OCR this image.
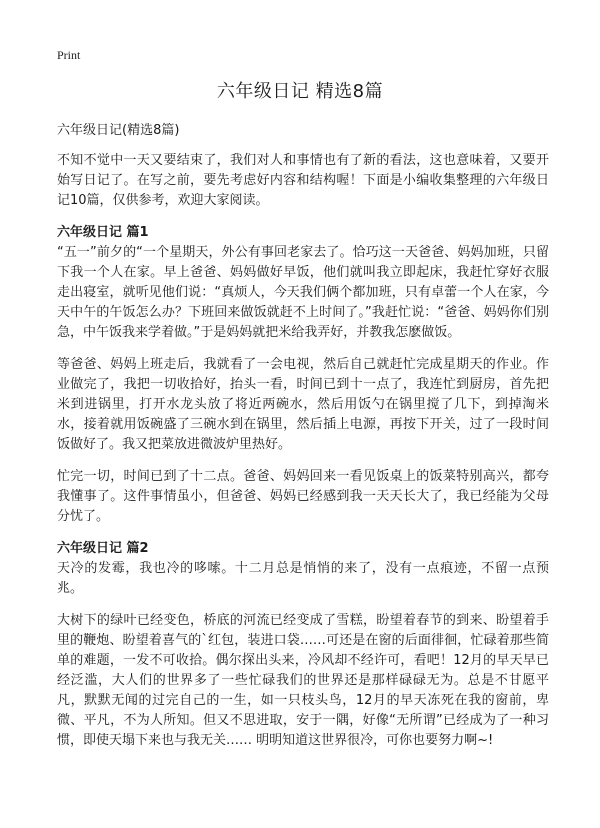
Print
六年级日记 精选8篇

六年级日记(精选8篇)

不知不觉中一天又要结束了，我们对人和事情也有了新的看法，这也意味着，又要开始写日记了。在写之前，要先考虑好内容和结构喔！下面是小编收集整理的六年级日记10篇，仅供参考，欢迎大家阅读。

六年级日记 篇1

“五一”前夕的“一个星期天，外公有事回老家去了。恰巧这一天爸爸、妈妈加班，只留下我一个人在家。早上爸爸、妈妈做好早饭，他们就叫我立即起床，我赶忙穿好衣服走出寝室，就听见他们说：“真烦人，今天我们俩个都加班，只有卓蕾一个人在家，今天中午的午饭怎么办？下班回来做饭就赶不上时间了。”我赶忙说：“爸爸、妈妈你们别急，中午饭我来学着做。”于是妈妈就把米给我弄好，并教我怎麽做饭。

等爸爸、妈妈上班走后，我就看了一会电视，然后自己就赶忙完成星期天的作业。作业做完了，我把一切收拾好，抬头一看，时间已到十一点了，我连忙到厨房，首先把米到进锅里，打开水龙头放了将近两碗水，然后用饭勺在锅里搅了几下，到掉淘米水，接着就用饭碗盛了三碗水到在锅里，然后插上电源，再按下开关，过了一段时间饭做好了。我又把菜放进微波炉里热好。

忙完一切，时间已到了十二点。爸爸、妈妈回来一看见饭桌上的饭菜特别高兴，都夸我懂事了。这件事情虽小，但爸爸、妈妈已经感到我一天天长大了，我已经能为父母分忧了。

六年级日记 篇2

天冷的发霉，我也冷的哆嗦。十二月总是悄悄的来了，没有一点痕迹，不留一点预兆。

大树下的绿叶已经变色，桥底的河流已经变成了雪糕，盼望着春节的到来、盼望着手里的鞭炮、盼望着喜气的`红包，装进口袋……可还是在窗的后面徘徊，忙碌着那些简单的难题，一发不可收拾。偶尔探出头来，冷风却不经许可，看吧！12月的早天早已经泛滥，大人们的世界多了一些忙碌我们的世界还是那样碌碌无为。总是不甘愿平凡，默默无闻的过完自己的一生，如一只枝头鸟，12月的早天冻死在我的窗前，卑微、平凡，不为人所知。但又不思进取，安于一隅，好像“无所谓”已经成为了一种习惯，即使天塌下来也与我无关…… 明明知道这世界很冷，可你也要努力啊~!
